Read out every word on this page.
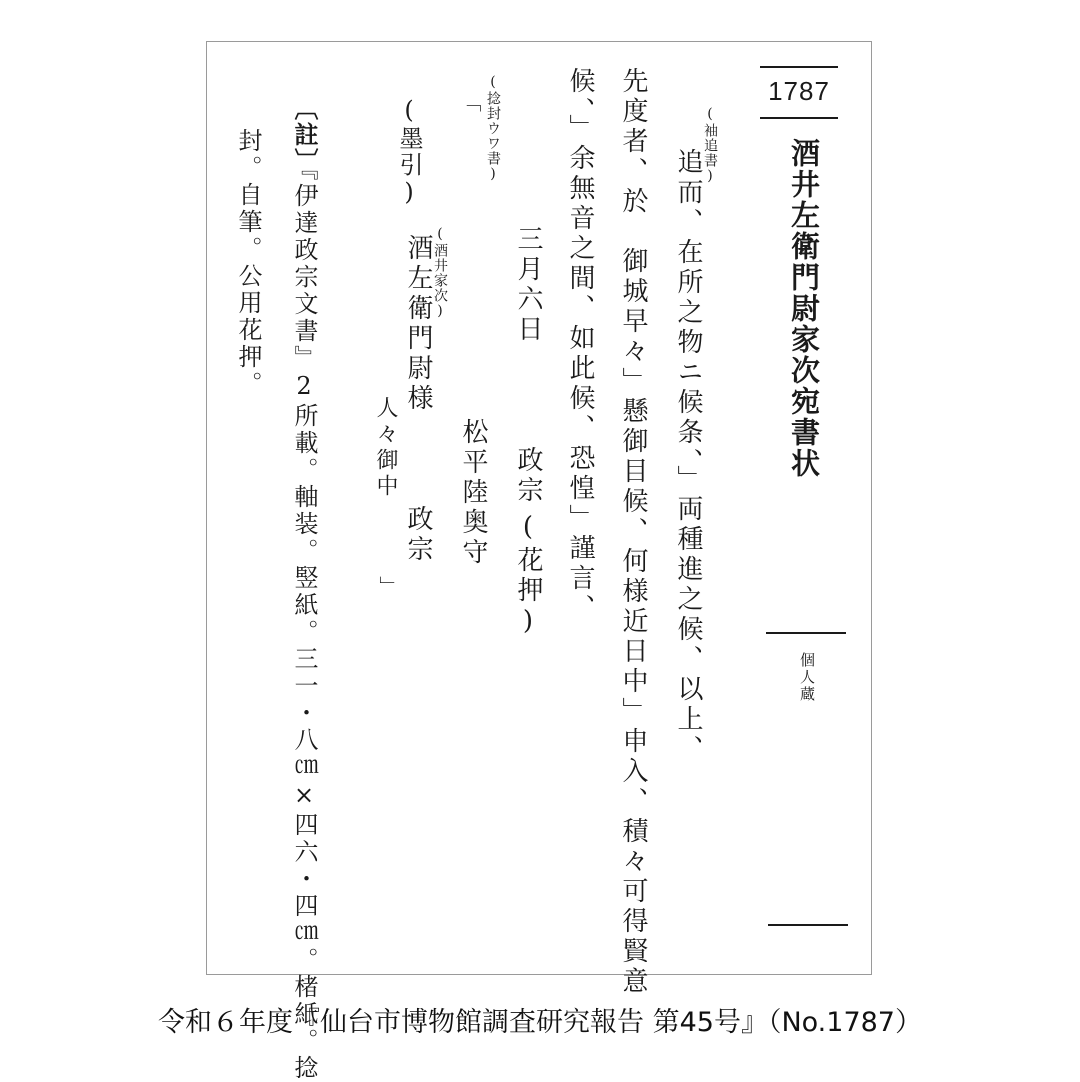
1787
酒井左衛門尉家次宛書状
個人蔵
(袖追書)
追而、在所之物ニ候条、」両種進之候、以上、
先度者、於　御城早々」懸御目候、何様近日中」申入、積々可得賢意
候、」余無音之間、如此候、恐惶」謹言、
三月六日
政宗
(花押)
松平陸奥守
(酒井家次)
酒左衛門尉様
政宗
人々御中
」
(捻封ウワ書)
「
(墨引)
〔註〕
『伊達政宗文書』2所載。軸装。竪紙。三一・八㎝×四六・四㎝。楮紙。捻
封。自筆。公用花押。
令和６年度『仙台市博物館調査研究報告 第45号』（No.1787）
